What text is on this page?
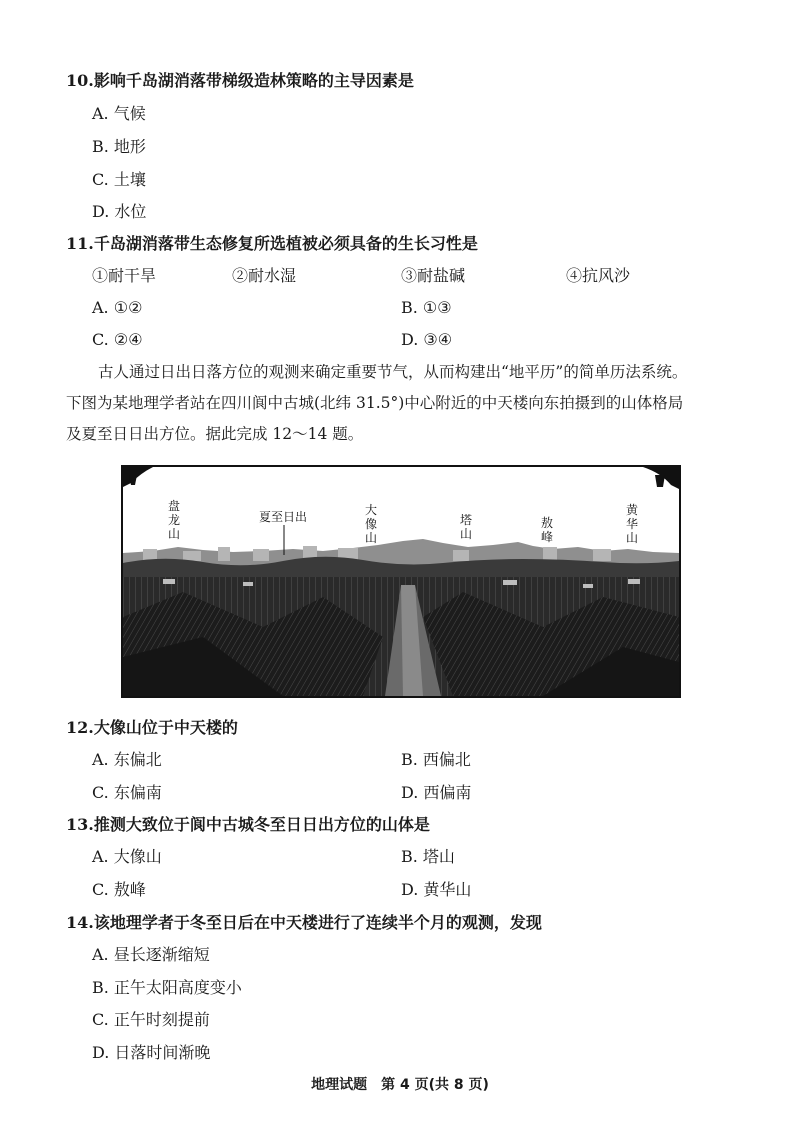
10.影响千岛湖消落带梯级造林策略的主导因素是
A. 气候
B. 地形
C. 土壤
D. 水位
11.千岛湖消落带生态修复所选植被必须具备的生长习性是
①耐干旱	②耐水湿	③耐盐碱	④抗风沙
A. ①②	B. ①③
C. ②④	D. ③④
古人通过日出日落方位的观测来确定重要节气，从而构建出“地平历”的简单历法系统。
下图为某地理学者站在四川阆中古城(北纬 31.5°)中心附近的中天楼向东拍摄到的山体格局
及夏至日日出方位。据此完成 12～14 题。
盘龙山
夏至日出	大像山
塔山
敖峰
黄华山
12.大像山位于中天楼的
A. 东偏北	B. 西偏北
C. 东偏南	D. 西偏南
13.推测大致位于阆中古城冬至日日出方位的山体是
A. 大像山	B. 塔山
C. 敖峰	D. 黄华山
14.该地理学者于冬至日后在中天楼进行了连续半个月的观测，发现
A. 昼长逐渐缩短
B. 正午太阳高度变小
C. 正午时刻提前
D. 日落时间渐晚
地理试题　第 4 页(共 8 页)
